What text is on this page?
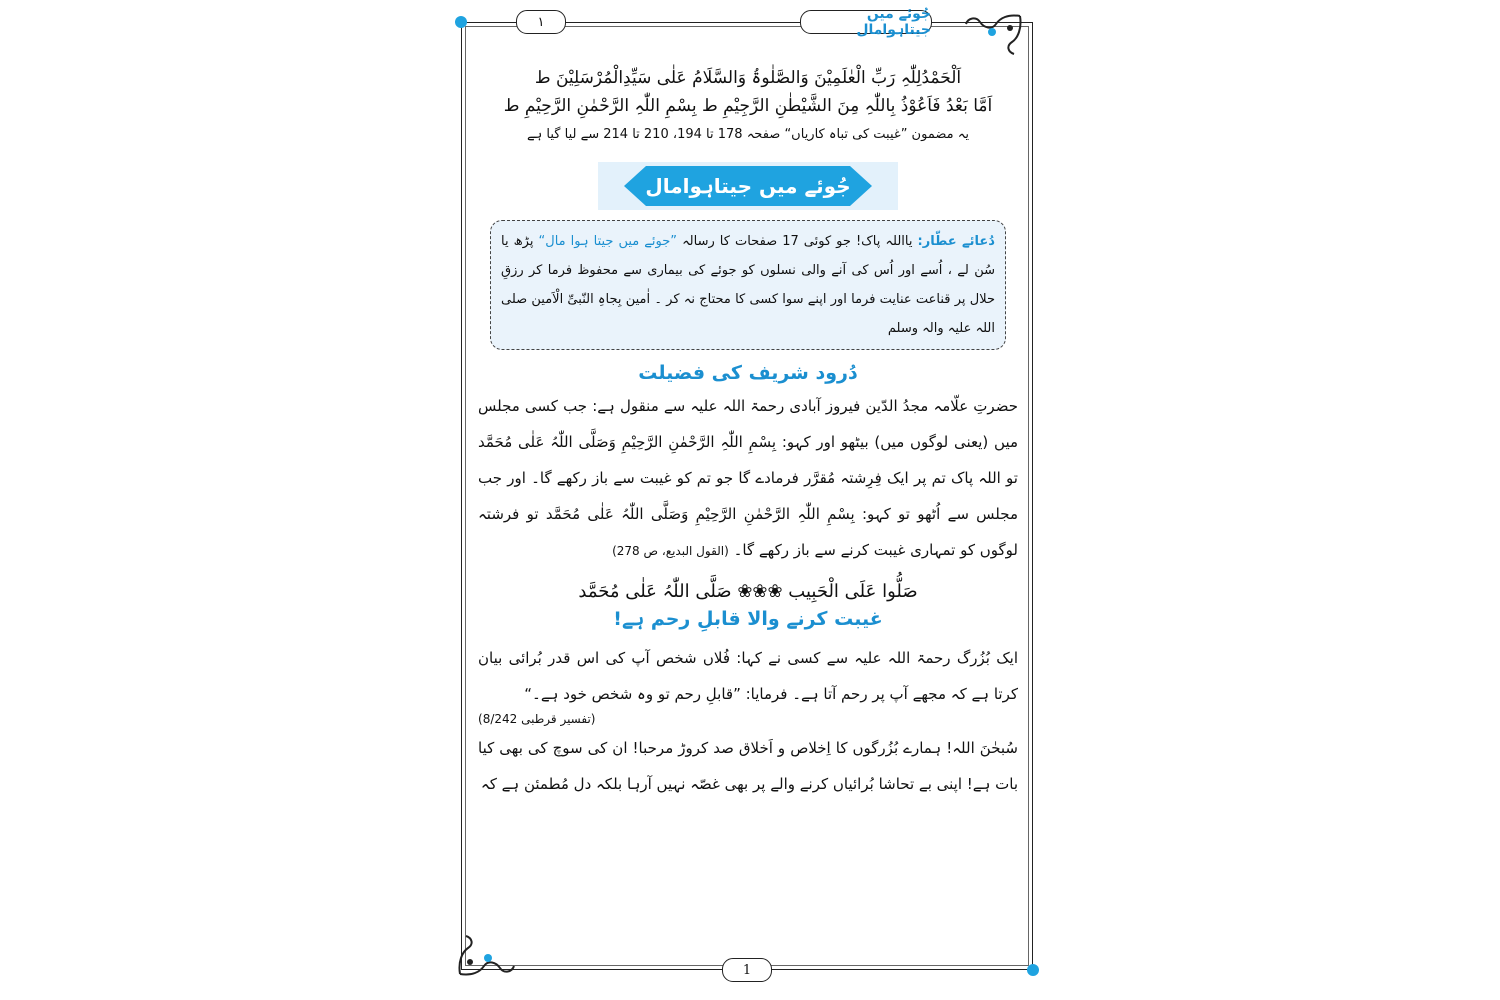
جُوئے میں جیتاہوامال
١
1

اَلْحَمْدُلِلّٰہِ رَبِّ الْعٰلَمِیْنَ وَالصَّلٰوۃُ وَالسَّلَامُ عَلٰی سَیِّدِالْمُرْسَلِیْنَ ط

اَمَّا بَعْدُ فَاَعُوْذُ بِاللّٰہِ مِنَ الشَّیْطٰنِ الرَّجِیْمِ ط بِسْمِ اللّٰہِ الرَّحْمٰنِ الرَّحِیْمِ ط

یہ مضمون ”غیبت کی تباہ کاریاں“ صفحہ 178 تا 194، 210 تا 214 سے لیا گیا ہے

جُوئے میں جیتاہوامال
دُعائے عطّار: یااللہ پاک! جو کوئی 17 صفحات کا رسالہ ”جوئے میں جیتا ہوا مال“ پڑھ یا سُن لے ، اُسے اور اُس کی آنے والی نسلوں کو جوئے کی بیماری سے محفوظ فرما کر رزقِ حلال پر قناعت عنایت فرما اور اپنے سوا کسی کا محتاج نہ کر ۔ اٰمین بِجاہِ النّبیِّ الْاَمین صلی اللہ علیہ والہ وسلم

دُرود شریف کی فضیلت

حضرتِ علّامہ مجدُ الدّین فیروز آبادی رحمۃ اللہ علیہ سے منقول ہے: جب کسی مجلس میں (یعنی لوگوں میں) بیٹھو اور کہو: بِسْمِ اللّٰہِ الرَّحْمٰنِ الرَّحِیْمِ وَصَلَّی اللّٰہُ عَلٰی مُحَمَّد تو اللہ پاک تم پر ایک فِرِشتہ مُقرَّر فرمادے گا جو تم کو غیبت سے باز رکھے گا۔ اور جب مجلس سے اُٹھو تو کہو: بِسْمِ اللّٰہِ الرَّحْمٰنِ الرَّحِیْمِ وَصَلَّی اللّٰہُ عَلٰی مُحَمَّد تو فرشتہ لوگوں کو تمہاری غیبت کرنے سے باز رکھے گا۔ (القول البدیع، ص 278)

صَلُّوا عَلَی الْحَبِیب ❀❀❀ صَلَّی اللّٰہُ عَلٰی مُحَمَّد

غیبت کرنے والا قابلِ رحم ہے!

ایک بُزُرگ رحمۃ اللہ علیہ سے کسی نے کہا: فُلاں شخص آپ کی اس قدر بُرائی بیان کرتا ہے کہ مجھے آپ پر رحم آتا ہے۔ فرمایا: ”قابلِ رحم تو وہ شخص خود ہے۔“

(تفسیر قرطبی 8/242)

سُبحٰنَ اللہ! ہمارے بُزُرگوں کا اِخلاص و اَخلاق صد کروڑ مرحبا! ان کی سوچ کی بھی کیا بات ہے! اپنی بے تحاشا بُرائیاں کرنے والے پر بھی غصّہ نہیں آرہا بلکہ دل مُطمئن ہے کہ
